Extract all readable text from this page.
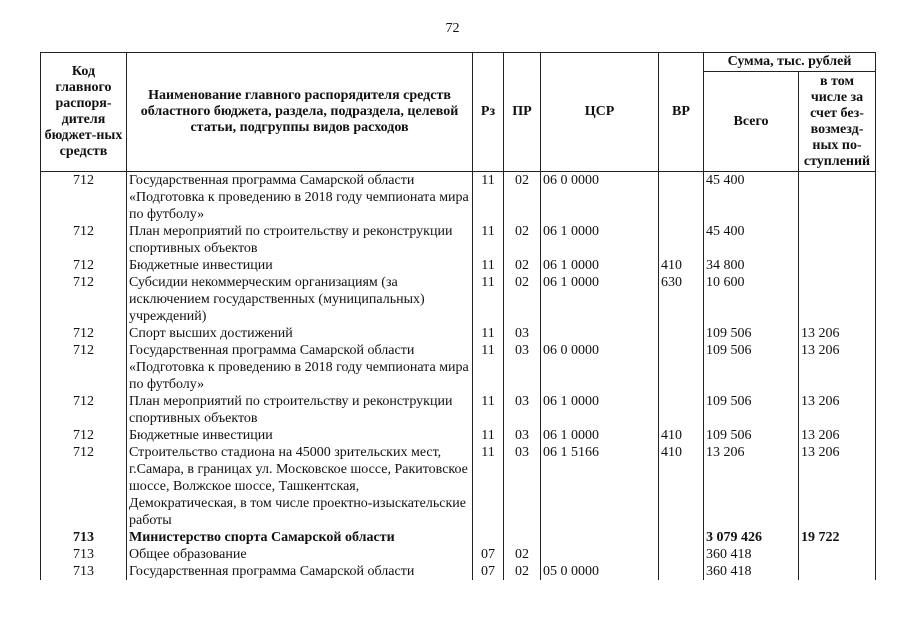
72
Код главного распоря-дителя бюджет-ных средств	Наименование главного распорядителя средств областного бюджета, раздела, подраздела, целевой статьи, подгруппы видов расходов	Рз	ПР	ЦСР	ВР	Сумма, тыс. рублей	
						Всего	в том числе за счет без-возмезд-ных по-ступлений
712	Государственная программа Самарской области «Подготовка к проведению в 2018 году чемпионата мира по футболу»	11	02	06 0 0000		45 400	
712	План мероприятий по строительству и реконструкции спортивных объектов	11	02	06 1 0000		45 400	
712	Бюджетные инвестиции	11	02	06 1 0000	410	34 800	
712	Субсидии некоммерческим организациям (за исключением государственных (муниципальных) учреждений)	11	02	06 1 0000	630	10 600	
712	Спорт высших достижений	11	03			109 506	13 206
712	Государственная программа Самарской области «Подготовка к проведению в 2018 году чемпионата мира по футболу»	11	03	06 0 0000		109 506	13 206
712	План мероприятий по строительству и реконструкции спортивных объектов	11	03	06 1 0000		109 506	13 206
712	Бюджетные инвестиции	11	03	06 1 0000	410	109 506	13 206
712	Строительство стадиона на 45000 зрительских мест, г.Самара, в границах ул. Московское шоссе, Ракитовское шоссе, Волжское шоссе, Ташкентская, Демократическая, в том числе проектно-изыскательские работы	11	03	06 1 5166	410	13 206	13 206
713	Министерство спорта Самарской области					3 079 426	19 722
713	Общее образование	07	02			360 418	
713	Государственная программа Самарской области	07	02	05 0 0000		360 418	
